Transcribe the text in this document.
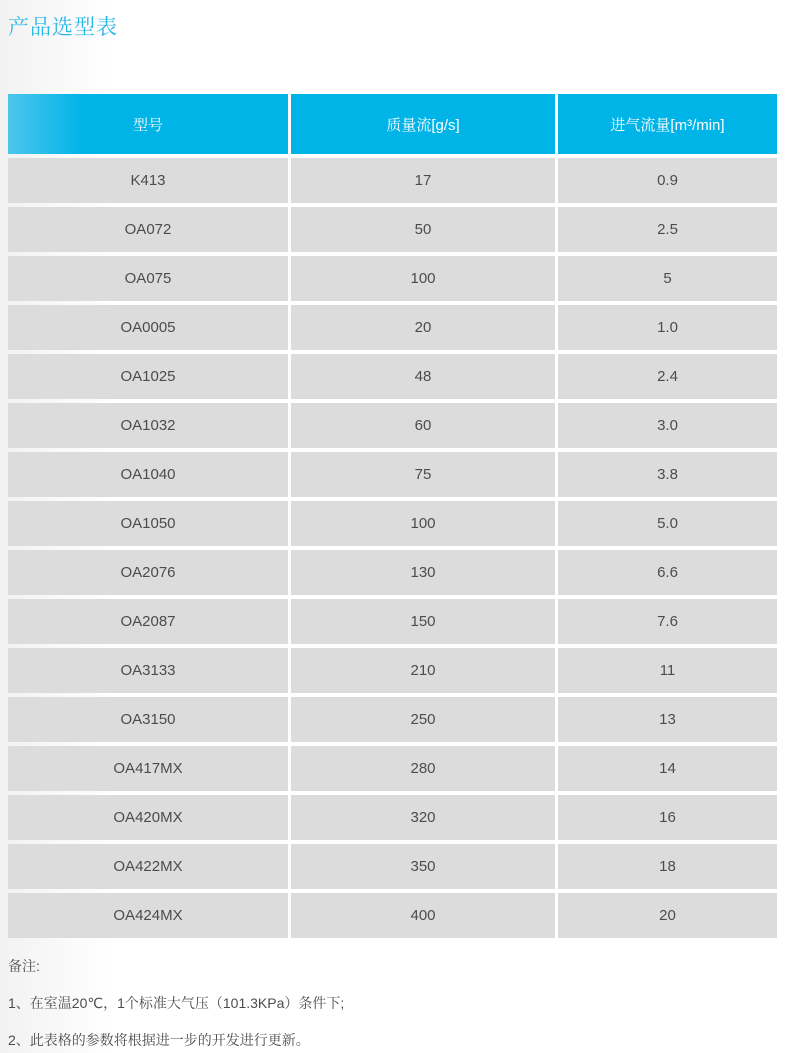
产品选型表
型号	质量流[g/s]	进气流量[m³/min]
K413	17	0.9
OA072	50	2.5
OA075	100	5
OA0005	20	1.0
OA1025	48	2.4
OA1032	60	3.0
OA1040	75	3.8
OA1050	100	5.0
OA2076	130	6.6
OA2087	150	7.6
OA3133	210	11
OA3150	250	13
OA417MX	280	14
OA420MX	320	16
OA422MX	350	18
OA424MX	400	20
备注:
1、在室温20℃，1个标准大气压（101.3KPa）条件下;
2、此表格的参数将根据进一步的开发进行更新。
